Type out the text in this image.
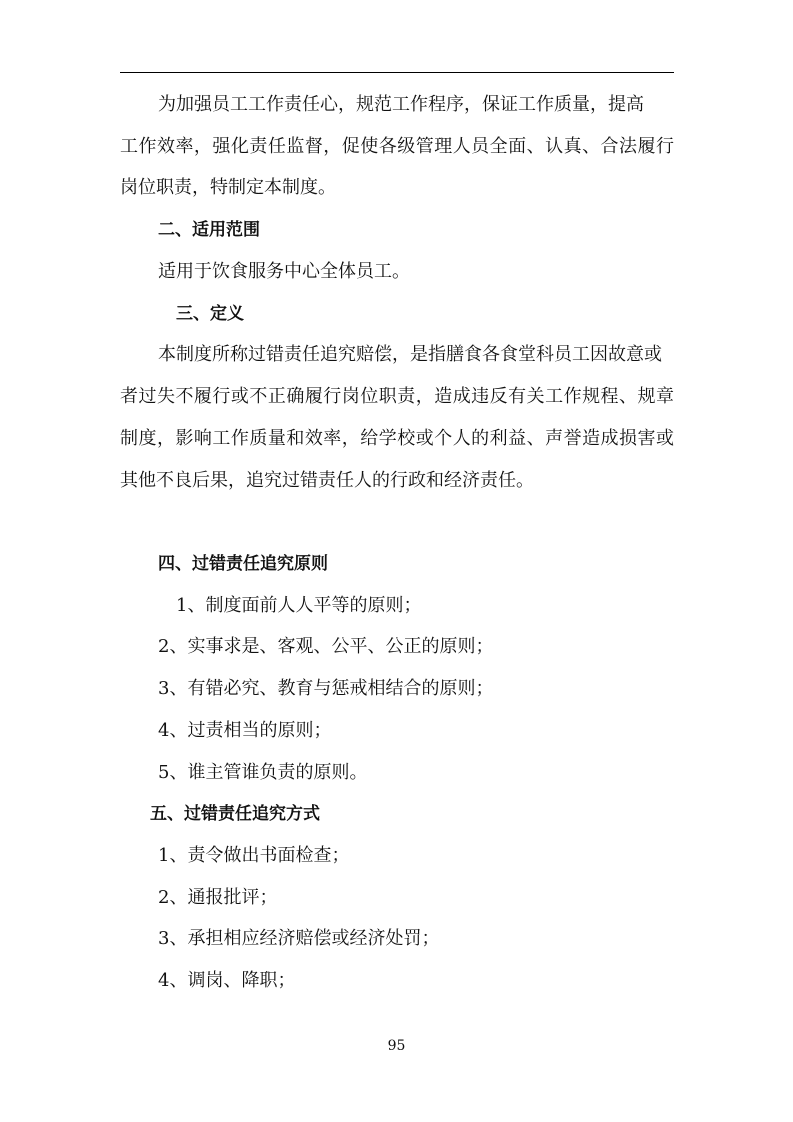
为加强员工工作责任心，规范工作程序，保证工作质量，提高
工作效率，强化责任监督，促使各级管理人员全面、认真、合法履行
岗位职责，特制定本制度。
二、适用范围
适用于饮食服务中心全体员工。
三、定义
本制度所称过错责任追究赔偿，是指膳食各食堂科员工因故意或
者过失不履行或不正确履行岗位职责，造成违反有关工作规程、规章
制度，影响工作质量和效率，给学校或个人的利益、声誉造成损害或
其他不良后果，追究过错责任人的行政和经济责任。
四、过错责任追究原则
1、制度面前人人平等的原则；
2、实事求是、客观、公平、公正的原则；
3、有错必究、教育与惩戒相结合的原则；
4、过责相当的原则；
5、谁主管谁负责的原则。
五、过错责任追究方式
1、责令做出书面检查；
2、通报批评；
3、承担相应经济赔偿或经济处罚；
4、调岗、降职；
95
